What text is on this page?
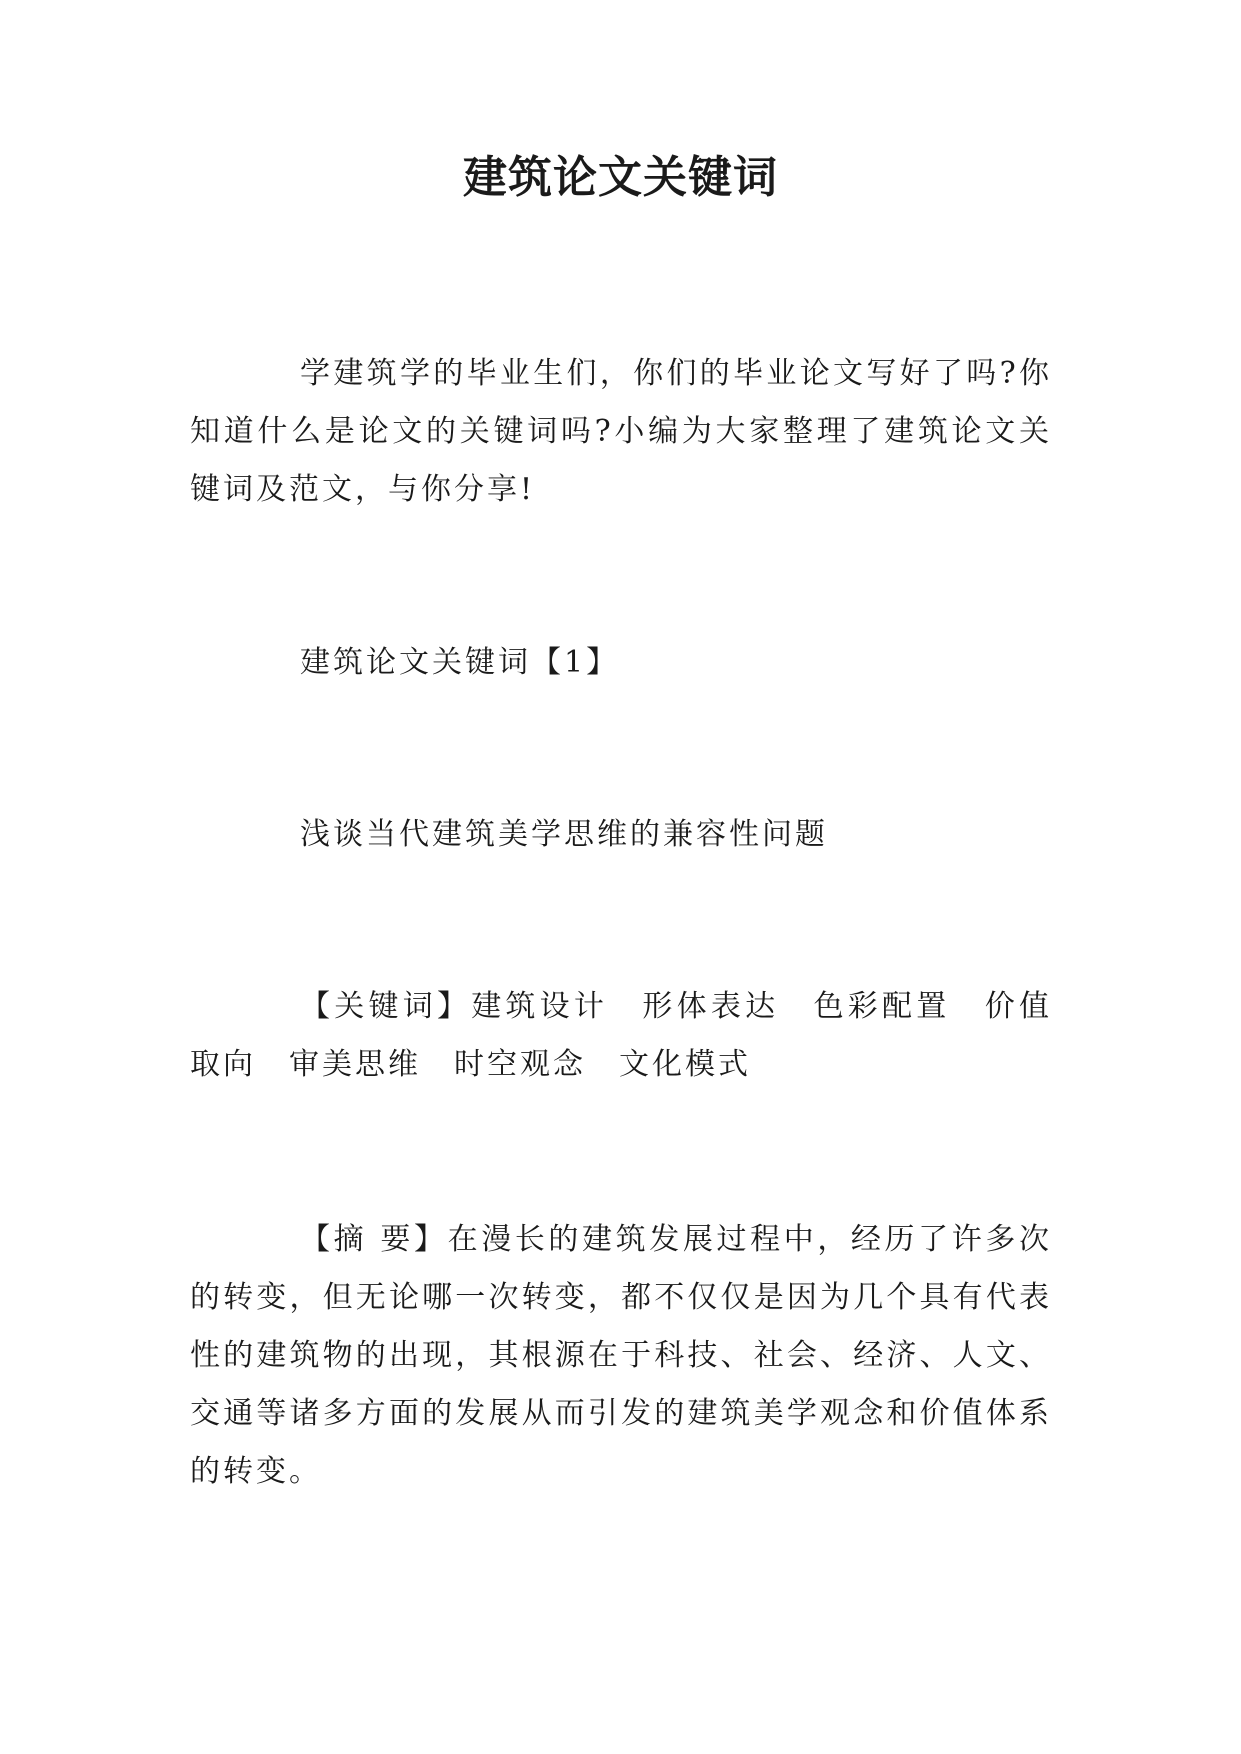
建筑论文关键词

学建筑学的毕业生们，你们的毕业论文写好了吗?你知道什么是论文的关键词吗?小编为大家整理了建筑论文关键词及范文，与你分享!

建筑论文关键词【1】

浅谈当代建筑美学思维的兼容性问题

【关键词】建筑设计　形体表达　色彩配置　价值取向　审美思维　时空观念　文化模式

【摘 要】在漫长的建筑发展过程中，经历了许多次的转变，但无论哪一次转变，都不仅仅是因为几个具有代表性的建筑物的出现，其根源在于科技、社会、经济、人文、交通等诸多方面的发展从而引发的建筑美学观念和价值体系的转变。
